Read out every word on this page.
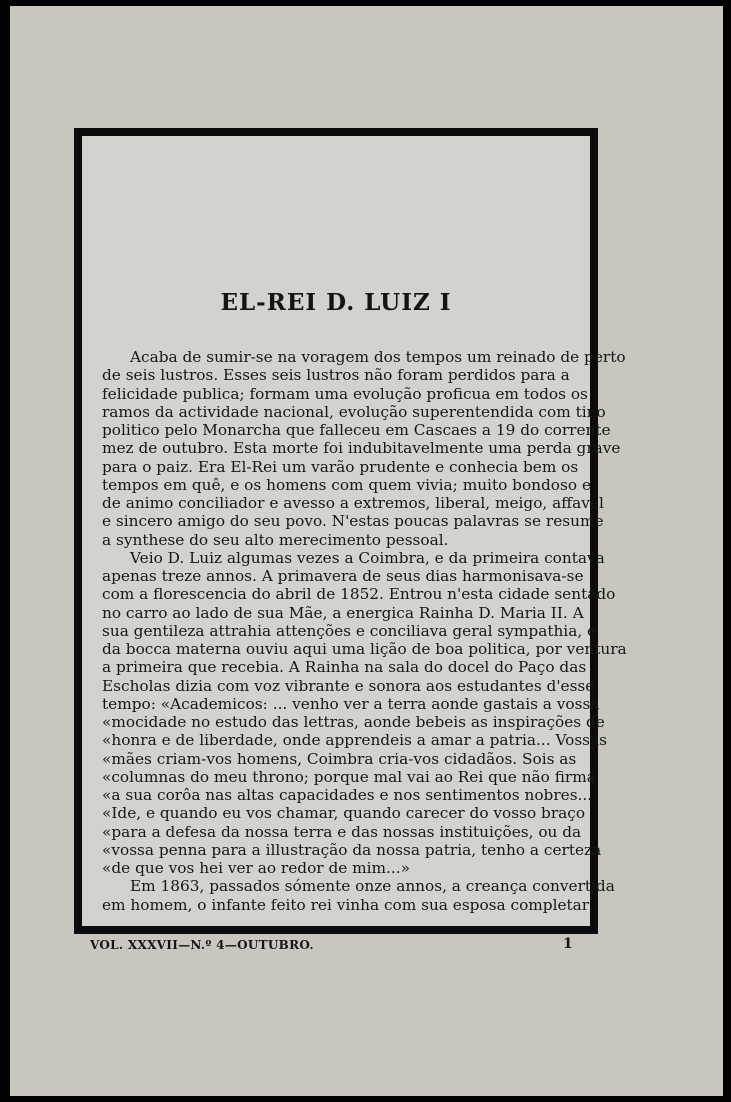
EL-REI D. LUIZ I
Acaba de sumir-se na voragem dos tempos um reinado de perto
de seis lustros. Esses seis lustros não foram perdidos para a
felicidade publica; formam uma evolução proficua em todos os
ramos da actividade nacional, evolução superentendida com tino
politico pelo Monarcha que falleceu em Cascaes a 19 do corrente
mez de outubro. Esta morte foi indubitavelmente uma perda grave
para o paiz. Era El-Rei um varão prudente e conhecia bem os
tempos em quê, e os homens com quem vivia; muito bondoso e
de animo conciliador e avesso a extremos, liberal, meigo, affavel
e sincero amigo do seu povo. N'estas poucas palavras se resume
a synthese do seu alto merecimento pessoal.
Veio D. Luiz algumas vezes a Coimbra, e da primeira contava
apenas treze annos. A primavera de seus dias harmonisava-se
com a florescencia do abril de 1852. Entrou n'esta cidade sentado
no carro ao lado de sua Mãe, a energica Rainha D. Maria II. A
sua gentileza attrahia attenções e conciliava geral sympathia, e
da bocca materna ouviu aqui uma lição de boa politica, por ventura
a primeira que recebia. A Rainha na sala do docel do Paço das
Escholas dizia com voz vibrante e sonora aos estudantes d'esse
tempo: «Academicos: ... venho ver a terra aonde gastais a vossa
«mocidade no estudo das lettras, aonde bebeis as inspirações de
«honra e de liberdade, onde apprendeis a amar a patria... Vossas
«mães criam-vos homens, Coimbra cria-vos cidadãos. Sois as
«columnas do meu throno; porque mal vai ao Rei que não firma
«a sua corôa nas altas capacidades e nos sentimentos nobres...
«Ide, e quando eu vos chamar, quando carecer do vosso braço
«para a defesa da nossa terra e das nossas instituições, ou da
«vossa penna para a illustração da nossa patria, tenho a certeza
«de que vos hei ver ao redor de mim...»
Em 1863, passados sómente onze annos, a creança convertida
em homem, o infante feito rei vinha com sua esposa completar
VOL. XXXVII—N.º 4—OUTUBRO.	1
